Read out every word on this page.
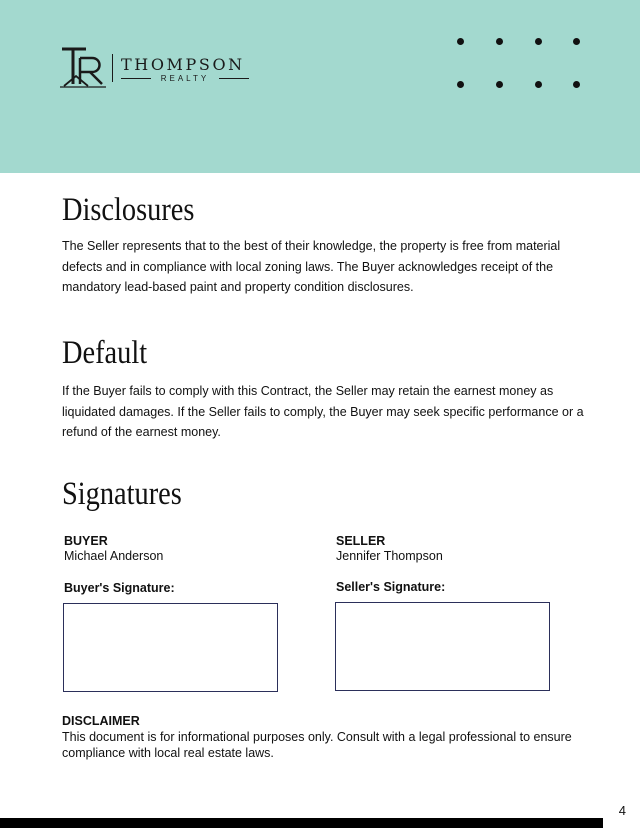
THOMPSON
REALTY
Disclosures
The Seller represents that to the best of their knowledge, the property is free from material defects and in compliance with local zoning laws. The Buyer acknowledges receipt of the mandatory lead-based paint and property condition disclosures.
Default
If the Buyer fails to comply with this Contract, the Seller may retain the earnest money as liquidated damages. If the Seller fails to comply, the Buyer may seek specific performance or a refund of the earnest money.
Signatures
BUYER
Michael Anderson
Buyer's Signature:
SELLER
Jennifer Thompson
Seller's Signature:
DISCLAIMER
This document is for informational purposes only. Consult with a legal professional to ensure compliance with local real estate laws.
4
